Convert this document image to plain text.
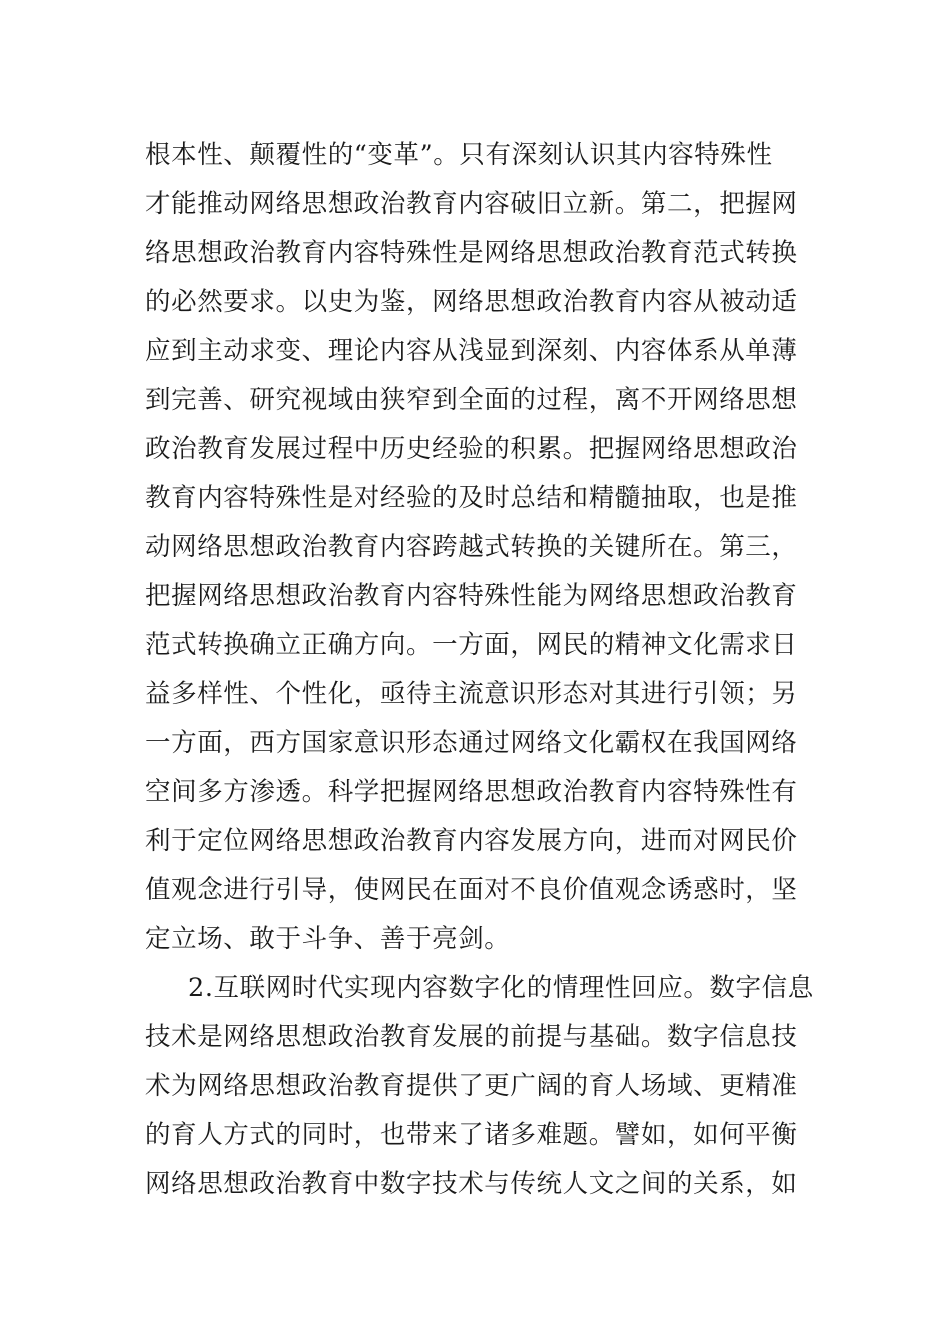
根本性、颠覆性的“变革”。只有深刻认识其内容特殊性
才能推动网络思想政治教育内容破旧立新。第二，把握网
络思想政治教育内容特殊性是网络思想政治教育范式转换
的必然要求。以史为鉴，网络思想政治教育内容从被动适
应到主动求变、理论内容从浅显到深刻、内容体系从单薄
到完善、研究视域由狭窄到全面的过程，离不开网络思想
政治教育发展过程中历史经验的积累。把握网络思想政治
教育内容特殊性是对经验的及时总结和精髓抽取，也是推
动网络思想政治教育内容跨越式转换的关键所在。第三，
把握网络思想政治教育内容特殊性能为网络思想政治教育
范式转换确立正确方向。一方面，网民的精神文化需求日
益多样性、个性化，亟待主流意识形态对其进行引领；另
一方面，西方国家意识形态通过网络文化霸权在我国网络
空间多方渗透。科学把握网络思想政治教育内容特殊性有
利于定位网络思想政治教育内容发展方向，进而对网民价
值观念进行引导，使网民在面对不良价值观念诱惑时，坚
定立场、敢于斗争、善于亮剑。
2.互联网时代实现内容数字化的情理性回应。数字信息
技术是网络思想政治教育发展的前提与基础。数字信息技
术为网络思想政治教育提供了更广阔的育人场域、更精准
的育人方式的同时，也带来了诸多难题。譬如，如何平衡
网络思想政治教育中数字技术与传统人文之间的关系，如
